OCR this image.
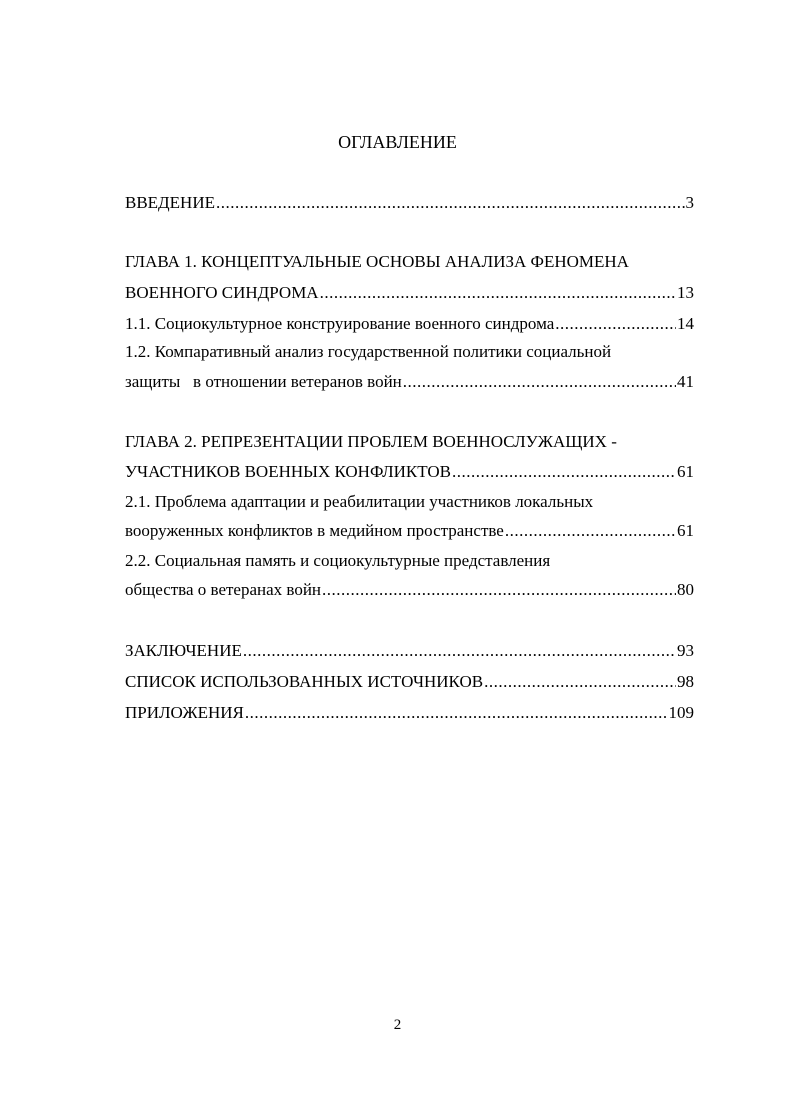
ОГЛАВЛЕНИЕ
ВВЕДЕНИЕ .....	3
ГЛАВА 1. КОНЦЕПТУАЛЬНЫЕ ОСНОВЫ АНАЛИЗА ФЕНОМЕНА
ВОЕННОГО СИНДРОМА .....	13
1.1. Социокультурное конструирование военного синдрома .....	14
1.2. Компаративный анализ государственной политики социальной
защиты   в отношении ветеранов войн .....	41
ГЛАВА 2. РЕПРЕЗЕНТАЦИИ ПРОБЛЕМ ВОЕННОСЛУЖАЩИХ -
УЧАСТНИКОВ ВОЕННЫХ КОНФЛИКТОВ .....	61
2.1. Проблема адаптации и реабилитации участников локальных
вооруженных конфликтов в медийном пространстве .....	61
2.2. Социальная память и социокультурные представления
общества о ветеранах войн .....	80
ЗАКЛЮЧЕНИЕ .....	93
СПИСОК ИСПОЛЬЗОВАННЫХ ИСТОЧНИКОВ .....	98
ПРИЛОЖЕНИЯ .....	109
2
